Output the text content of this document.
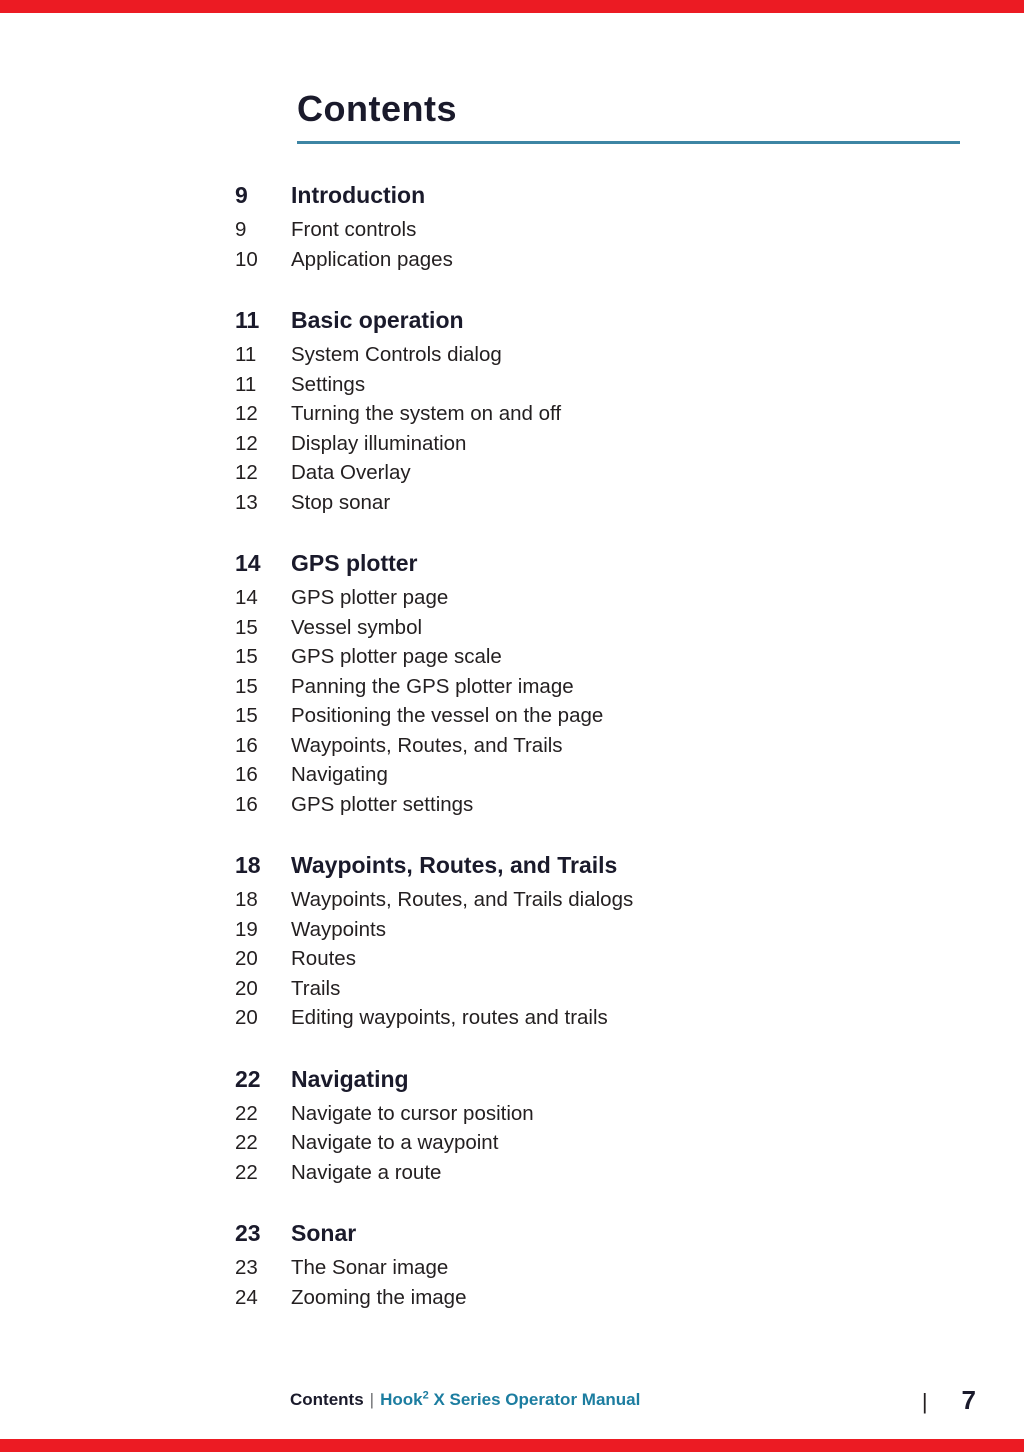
Contents
9	Introduction
9	Front controls
10	Application pages
11	Basic operation
11	System Controls dialog
11	Settings
12	Turning the system on and off
12	Display illumination
12	Data Overlay
13	Stop sonar
14	GPS plotter
14	GPS plotter page
15	Vessel symbol
15	GPS plotter page scale
15	Panning the GPS plotter image
15	Positioning the vessel on the page
16	Waypoints, Routes, and Trails
16	Navigating
16	GPS plotter settings
18	Waypoints, Routes, and Trails
18	Waypoints, Routes, and Trails dialogs
19	Waypoints
20	Routes
20	Trails
20	Editing waypoints, routes and trails
22	Navigating
22	Navigate to cursor position
22	Navigate to a waypoint
22	Navigate a route
23	Sonar
23	The Sonar image
24	Zooming the image
Contents | Hook$^2$ X Series Operator Manual	| 7
